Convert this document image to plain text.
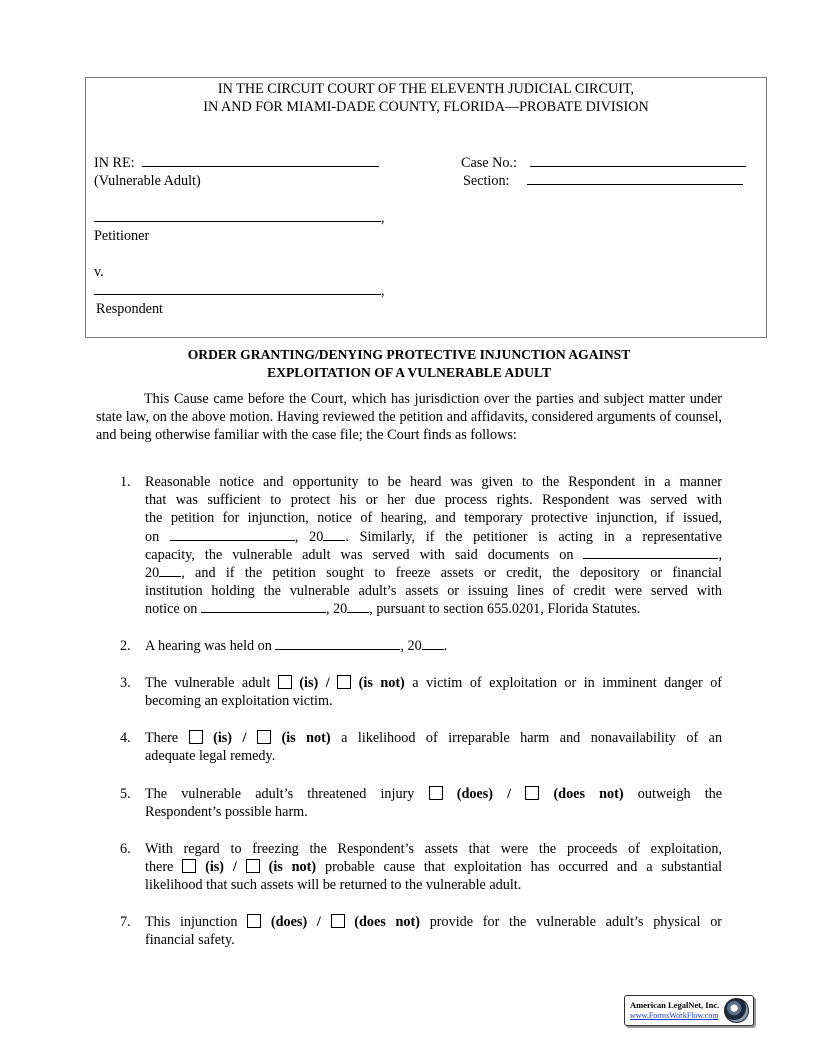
IN THE CIRCUIT COURT OF THE ELEVENTH JUDICIAL CIRCUIT,
IN AND FOR MIAMI-DADE COUNTY, FLORIDA—PROBATE DIVISION
IN RE:
(Vulnerable Adult)
Case No.:
Section:
,
Petitioner
v.
,
Respondent
ORDER GRANTING/DENYING PROTECTIVE INJUNCTION AGAINST
EXPLOITATION OF A VULNERABLE ADULT
This Cause came before the Court, which has jurisdiction over the parties and subject matter under state law, on the above motion. Having reviewed the petition and affidavits, considered arguments of counsel, and being otherwise familiar with the case file; the Court finds as follows:
1. Reasonable notice and opportunity to be heard was given to the Respondent in a manner
that was sufficient to protect his or her due process rights. Respondent was served with
the petition for injunction, notice of hearing, and temporary protective injunction, if issued,
on	, 20 . Similarly, if the petitioner is acting in a representative
capacity, the vulnerable adult was served with said documents on	,
20 , and if the petition sought to freeze assets or credit, the depository or financial
institution holding the vulnerable adult’s assets or issuing lines of credit were served with
notice on	, 20 , pursuant to section 655.0201, Florida Statutes.
2. A hearing was held on	, 20 .
3. The vulnerable adult (is) / (is not) a victim of exploitation or in imminent danger of
becoming an exploitation victim.
4. There (is) / (is not) a likelihood of irreparable harm and nonavailability of an
adequate legal remedy.
5. The vulnerable adult’s threatened injury	(does) /	(does not) outweigh the
Respondent’s possible harm.
6. With regard to freezing the Respondent’s assets that were the proceeds of exploitation,
there (is) / (is not) probable cause that exploitation has occurred and a substantial
likelihood that such assets will be returned to the vulnerable adult.
7. This injunction (does) / (does not) provide for the vulnerable adult’s physical or
financial safety.
American LegalNet, Inc.
www.FormsWorkFlow.com
